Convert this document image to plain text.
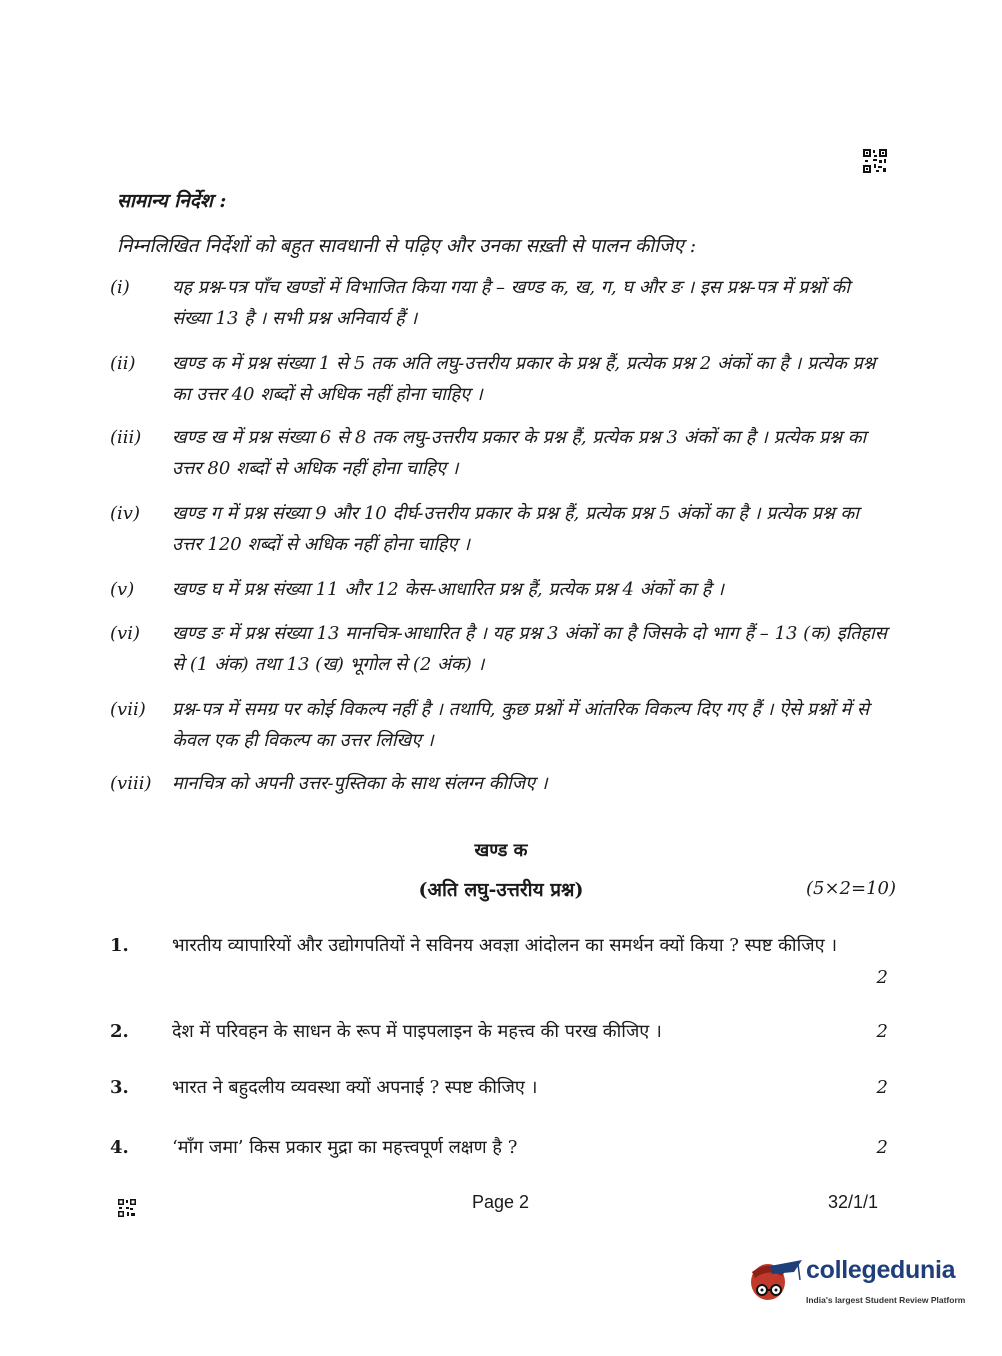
सामान्य निर्देश :
निम्नलिखित निर्देशों को बहुत सावधानी से पढ़िए और उनका सख़्ती से पालन कीजिए :
(i)	यह प्रश्न-पत्र पाँच खण्डों में विभाजित किया गया है – खण्ड क, ख, ग, घ और ङ । इस प्रश्न-पत्र में प्रश्नों की संख्या 13 है । सभी प्रश्न अनिवार्य हैं ।
(ii)	खण्ड क में प्रश्न संख्या 1 से 5 तक अति लघु-उत्तरीय प्रकार के प्रश्न हैं, प्रत्येक प्रश्न 2 अंकों का है । प्रत्येक प्रश्न का उत्तर 40 शब्दों से अधिक नहीं होना चाहिए ।
(iii)	खण्ड ख में प्रश्न संख्या 6 से 8 तक लघु-उत्तरीय प्रकार के प्रश्न हैं, प्रत्येक प्रश्न 3 अंकों का है । प्रत्येक प्रश्न का उत्तर 80 शब्दों से अधिक नहीं होना चाहिए ।
(iv)	खण्ड ग में प्रश्न संख्या 9 और 10 दीर्घ-उत्तरीय प्रकार के प्रश्न हैं, प्रत्येक प्रश्न 5 अंकों का है । प्रत्येक प्रश्न का उत्तर 120 शब्दों से अधिक नहीं होना चाहिए ।
(v)	खण्ड घ में प्रश्न संख्या 11 और 12 केस-आधारित प्रश्न हैं, प्रत्येक प्रश्न 4 अंकों का है ।
(vi)	खण्ड ङ में प्रश्न संख्या 13 मानचित्र-आधारित है । यह प्रश्न 3 अंकों का है जिसके दो भाग हैं – 13 (क) इतिहास से (1 अंक) तथा 13 (ख) भूगोल से (2 अंक) ।
(vii)	प्रश्न-पत्र में समग्र पर कोई विकल्प नहीं है । तथापि, कुछ प्रश्नों में आंतरिक विकल्प दिए गए हैं । ऐसे प्रश्नों में से केवल एक ही विकल्प का उत्तर लिखिए ।
(viii)	मानचित्र को अपनी उत्तर-पुस्तिका के साथ संलग्न कीजिए ।
खण्ड क
(अति लघु-उत्तरीय प्रश्न)	(5×2=10)
1. भारतीय व्यापारियों और उद्योगपतियों ने सविनय अवज्ञा आंदोलन का समर्थन क्यों किया ? स्पष्ट कीजिए ।
2
2. देश में परिवहन के साधन के रूप में पाइपलाइन के महत्त्व की परख कीजिए ।	2
3. भारत ने बहुदलीय व्यवस्था क्यों अपनाई ? स्पष्ट कीजिए ।	2
4. ‘माँग जमा’ किस प्रकार मुद्रा का महत्त्वपूर्ण लक्षण है ?	2
Page 2	32/1/1
collegedunia
India's largest Student Review Platform
